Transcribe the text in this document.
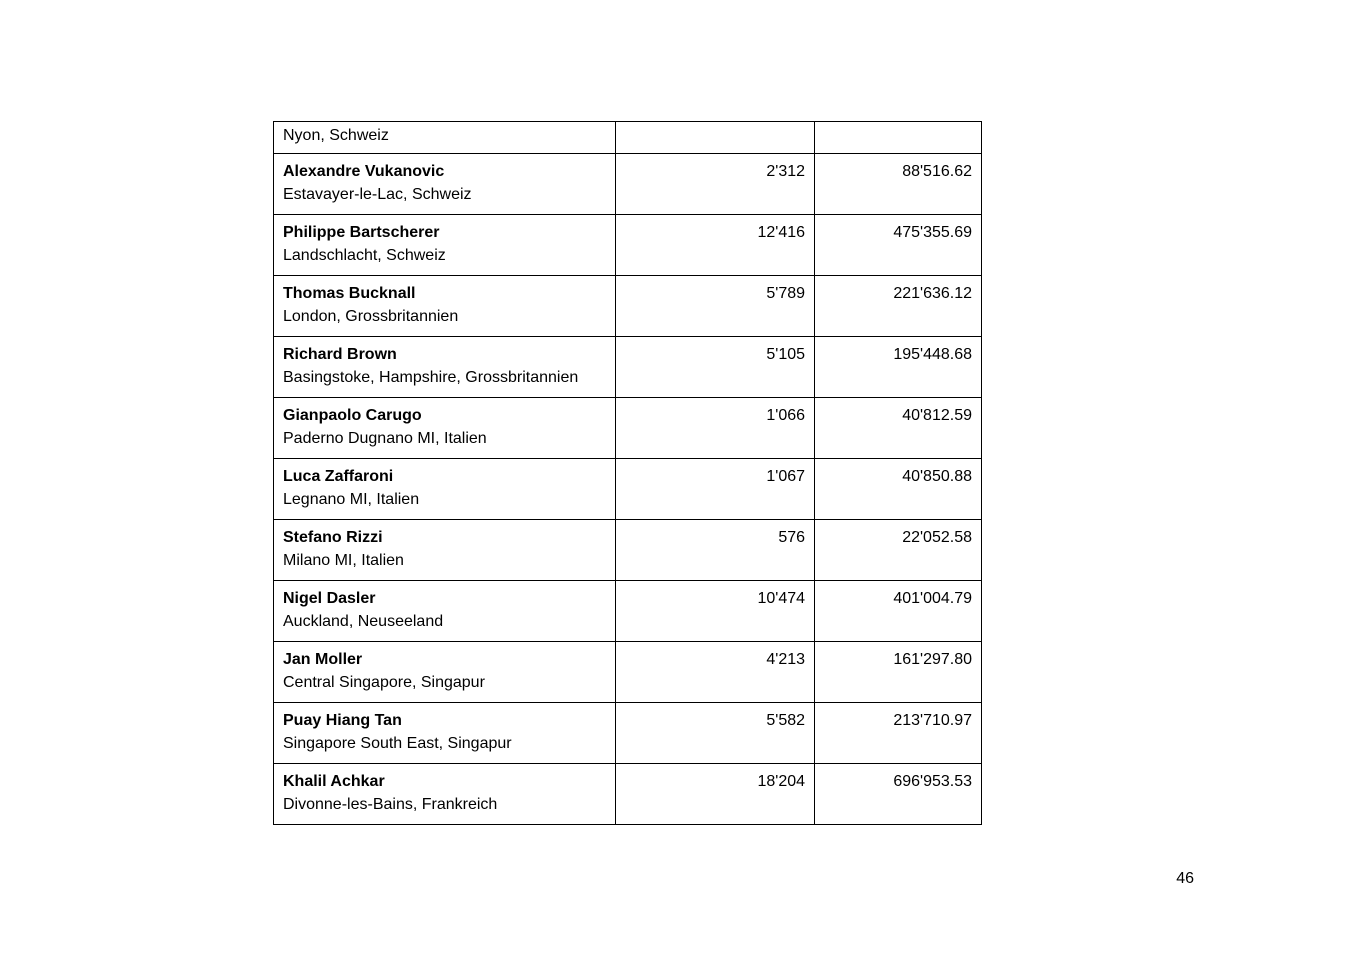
Nyon, Schweiz		

Alexandre Vukanovic
Estavayer-le-Lac, Schweiz	2'312	88'516.62

Philippe Bartscherer
Landschlacht, Schweiz	12'416	475'355.69

Thomas Bucknall
London, Grossbritannien	5'789	221'636.12

Richard Brown
Basingstoke, Hampshire, Grossbritannien	5'105	195'448.68

Gianpaolo Carugo
Paderno Dugnano MI, Italien	1'066	40'812.59

Luca Zaffaroni
Legnano MI, Italien	1'067	40'850.88

Stefano Rizzi
Milano MI, Italien	576	22'052.58

Nigel Dasler
Auckland, Neuseeland	10'474	401'004.79

Jan Moller
Central Singapore, Singapur	4'213	161'297.80

Puay Hiang Tan
Singapore South East, Singapur	5'582	213'710.97

Khalil Achkar
Divonne-les-Bains, Frankreich	18'204	696'953.53
46
